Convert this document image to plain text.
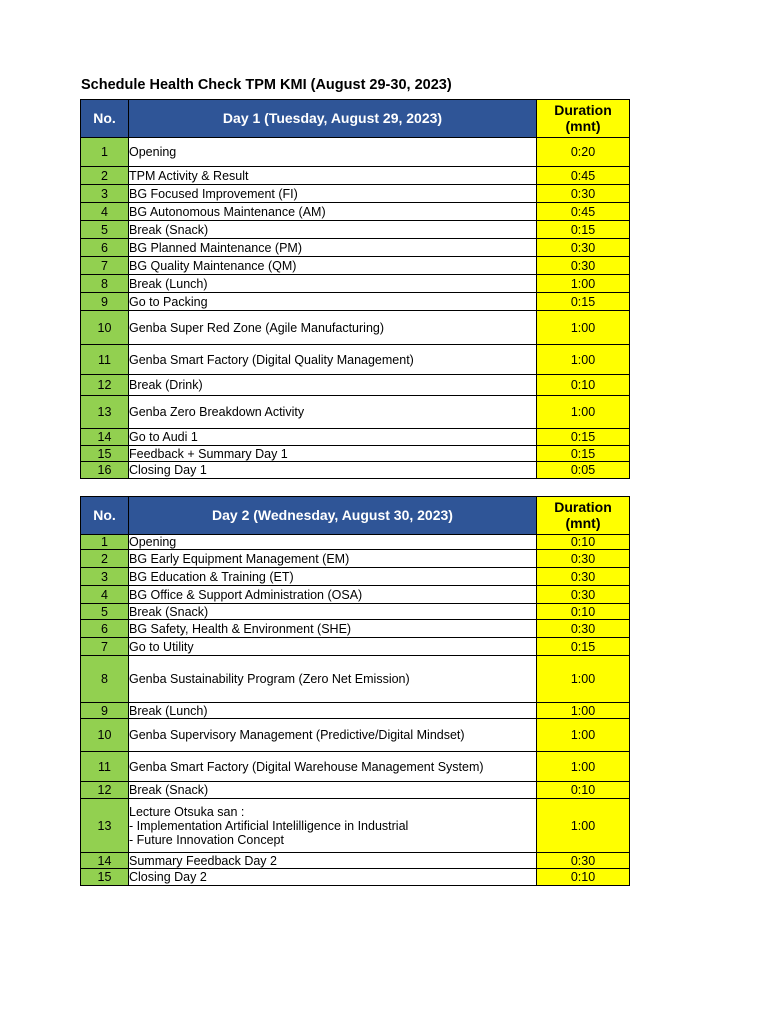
Schedule Health Check TPM KMI (August 29-30, 2023)
No.	Day 1 (Tuesday, August 29, 2023)	Duration
(mnt)
1	Opening	0:20
2	TPM Activity & Result	0:45
3	BG Focused Improvement (FI)	0:30
4	BG Autonomous Maintenance (AM)	0:45
5	Break (Snack)	0:15
6	BG Planned Maintenance (PM)	0:30
7	BG Quality Maintenance (QM)	0:30
8	Break (Lunch)	1:00
9	Go to Packing	0:15
10	Genba Super Red Zone (Agile Manufacturing)	1:00
11	Genba Smart Factory (Digital Quality Management)	1:00
12	Break (Drink)	0:10
13	Genba Zero Breakdown Activity	1:00
14	Go to Audi 1	0:15
15	Feedback + Summary Day 1	0:15
16	Closing Day 1	0:05
No.	Day 2 (Wednesday, August 30, 2023)	Duration
(mnt)
1	Opening	0:10
2	BG Early Equipment Management (EM)	0:30
3	BG Education & Training (ET)	0:30
4	BG Office & Support Administration (OSA)	0:30
5	Break (Snack)	0:10
6	BG Safety, Health & Environment (SHE)	0:30
7	Go to Utility	0:15
8	Genba Sustainability Program (Zero Net Emission)	1:00
9	Break (Lunch)	1:00
10	Genba Supervisory Management (Predictive/Digital Mindset)	1:00
11	Genba Smart Factory (Digital Warehouse Management System)	1:00
12	Break (Snack)	0:10
13	Lecture Otsuka san :
- Implementation Artificial Intelilligence in Industrial
- Future Innovation Concept	1:00
14	Summary Feedback Day 2	0:30
15	Closing Day 2	0:10
